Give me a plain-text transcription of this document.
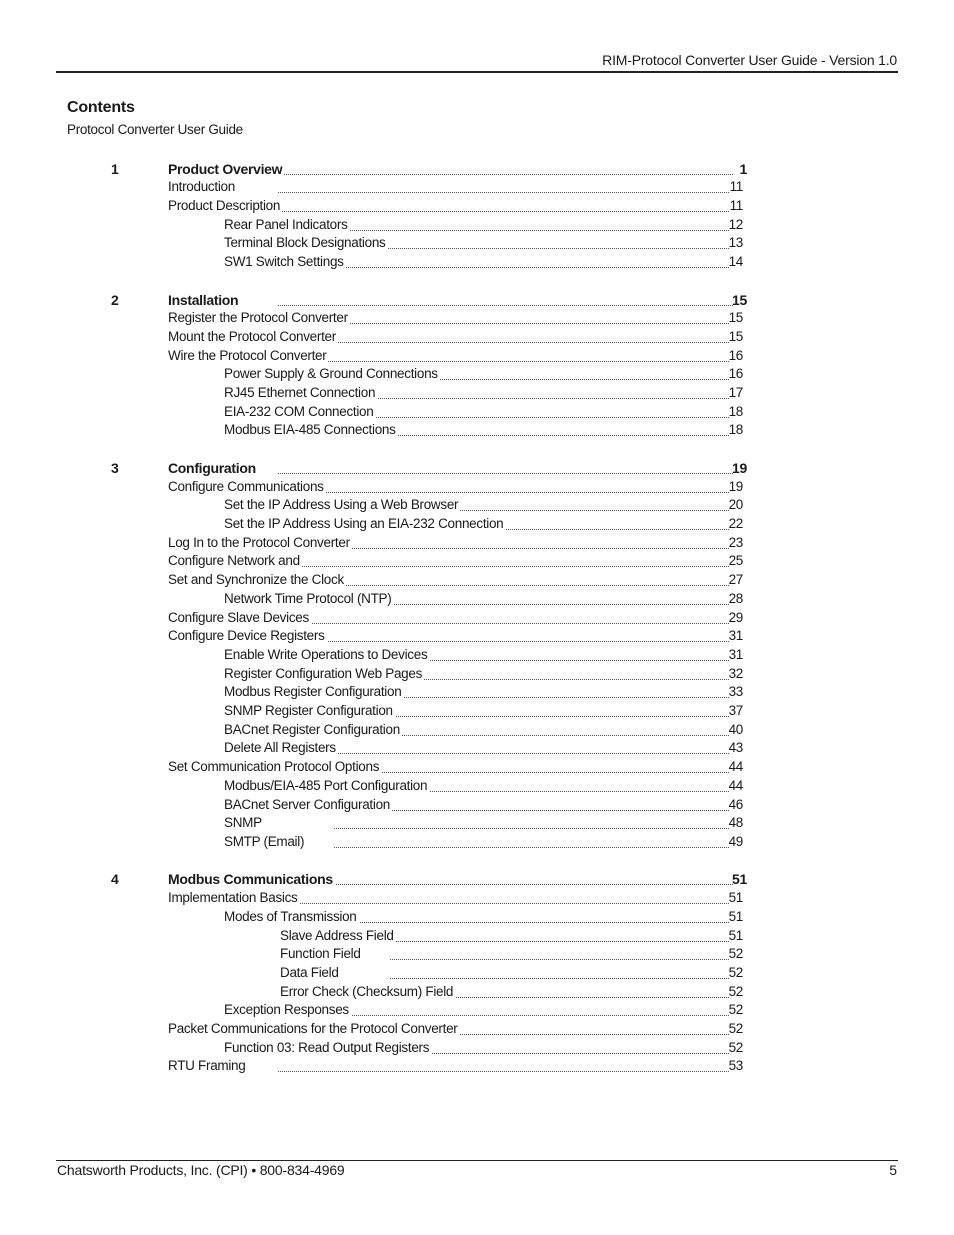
RIM-Protocol Converter User Guide - Version 1.0
Contents
Protocol Converter User Guide
1	Product Overview	1
Introduction	11
Product Description	11
Rear Panel Indicators	12
Terminal Block Designations	13
SW1 Switch Settings	14
2	Installation	15
Register the Protocol Converter	15
Mount the Protocol Converter	15
Wire the Protocol Converter	16
Power Supply & Ground Connections	16
RJ45 Ethernet Connection	17
EIA-232 COM Connection	18
Modbus EIA-485 Connections	18
3	Configuration	19
Configure Communications	19
Set the IP Address Using a Web Browser	20
Set the IP Address Using an EIA-232 Connection	22
Log In to the Protocol Converter	23
Configure Network and	25
Set and Synchronize the Clock	27
Network Time Protocol (NTP)	28
Configure Slave Devices	29
Configure Device Registers	31
Enable Write Operations to Devices	31
Register Configuration Web Pages	32
Modbus Register Configuration	33
SNMP Register Configuration	37
BACnet Register Configuration	40
Delete All Registers	43
Set Communication Protocol Options	44
Modbus/EIA-485 Port Configuration	44
BACnet Server Configuration	46
SNMP	48
SMTP (Email)	49
4	Modbus Communications	51
Implementation Basics	51
Modes of Transmission	51
Slave Address Field	51
Function Field	52
Data Field	52
Error Check (Checksum) Field	52
Exception Responses	52
Packet Communications for the Protocol Converter	52
Function 03: Read Output Registers	52
RTU Framing	53
Chatsworth Products, Inc. (CPI) • 800-834-4969	5
